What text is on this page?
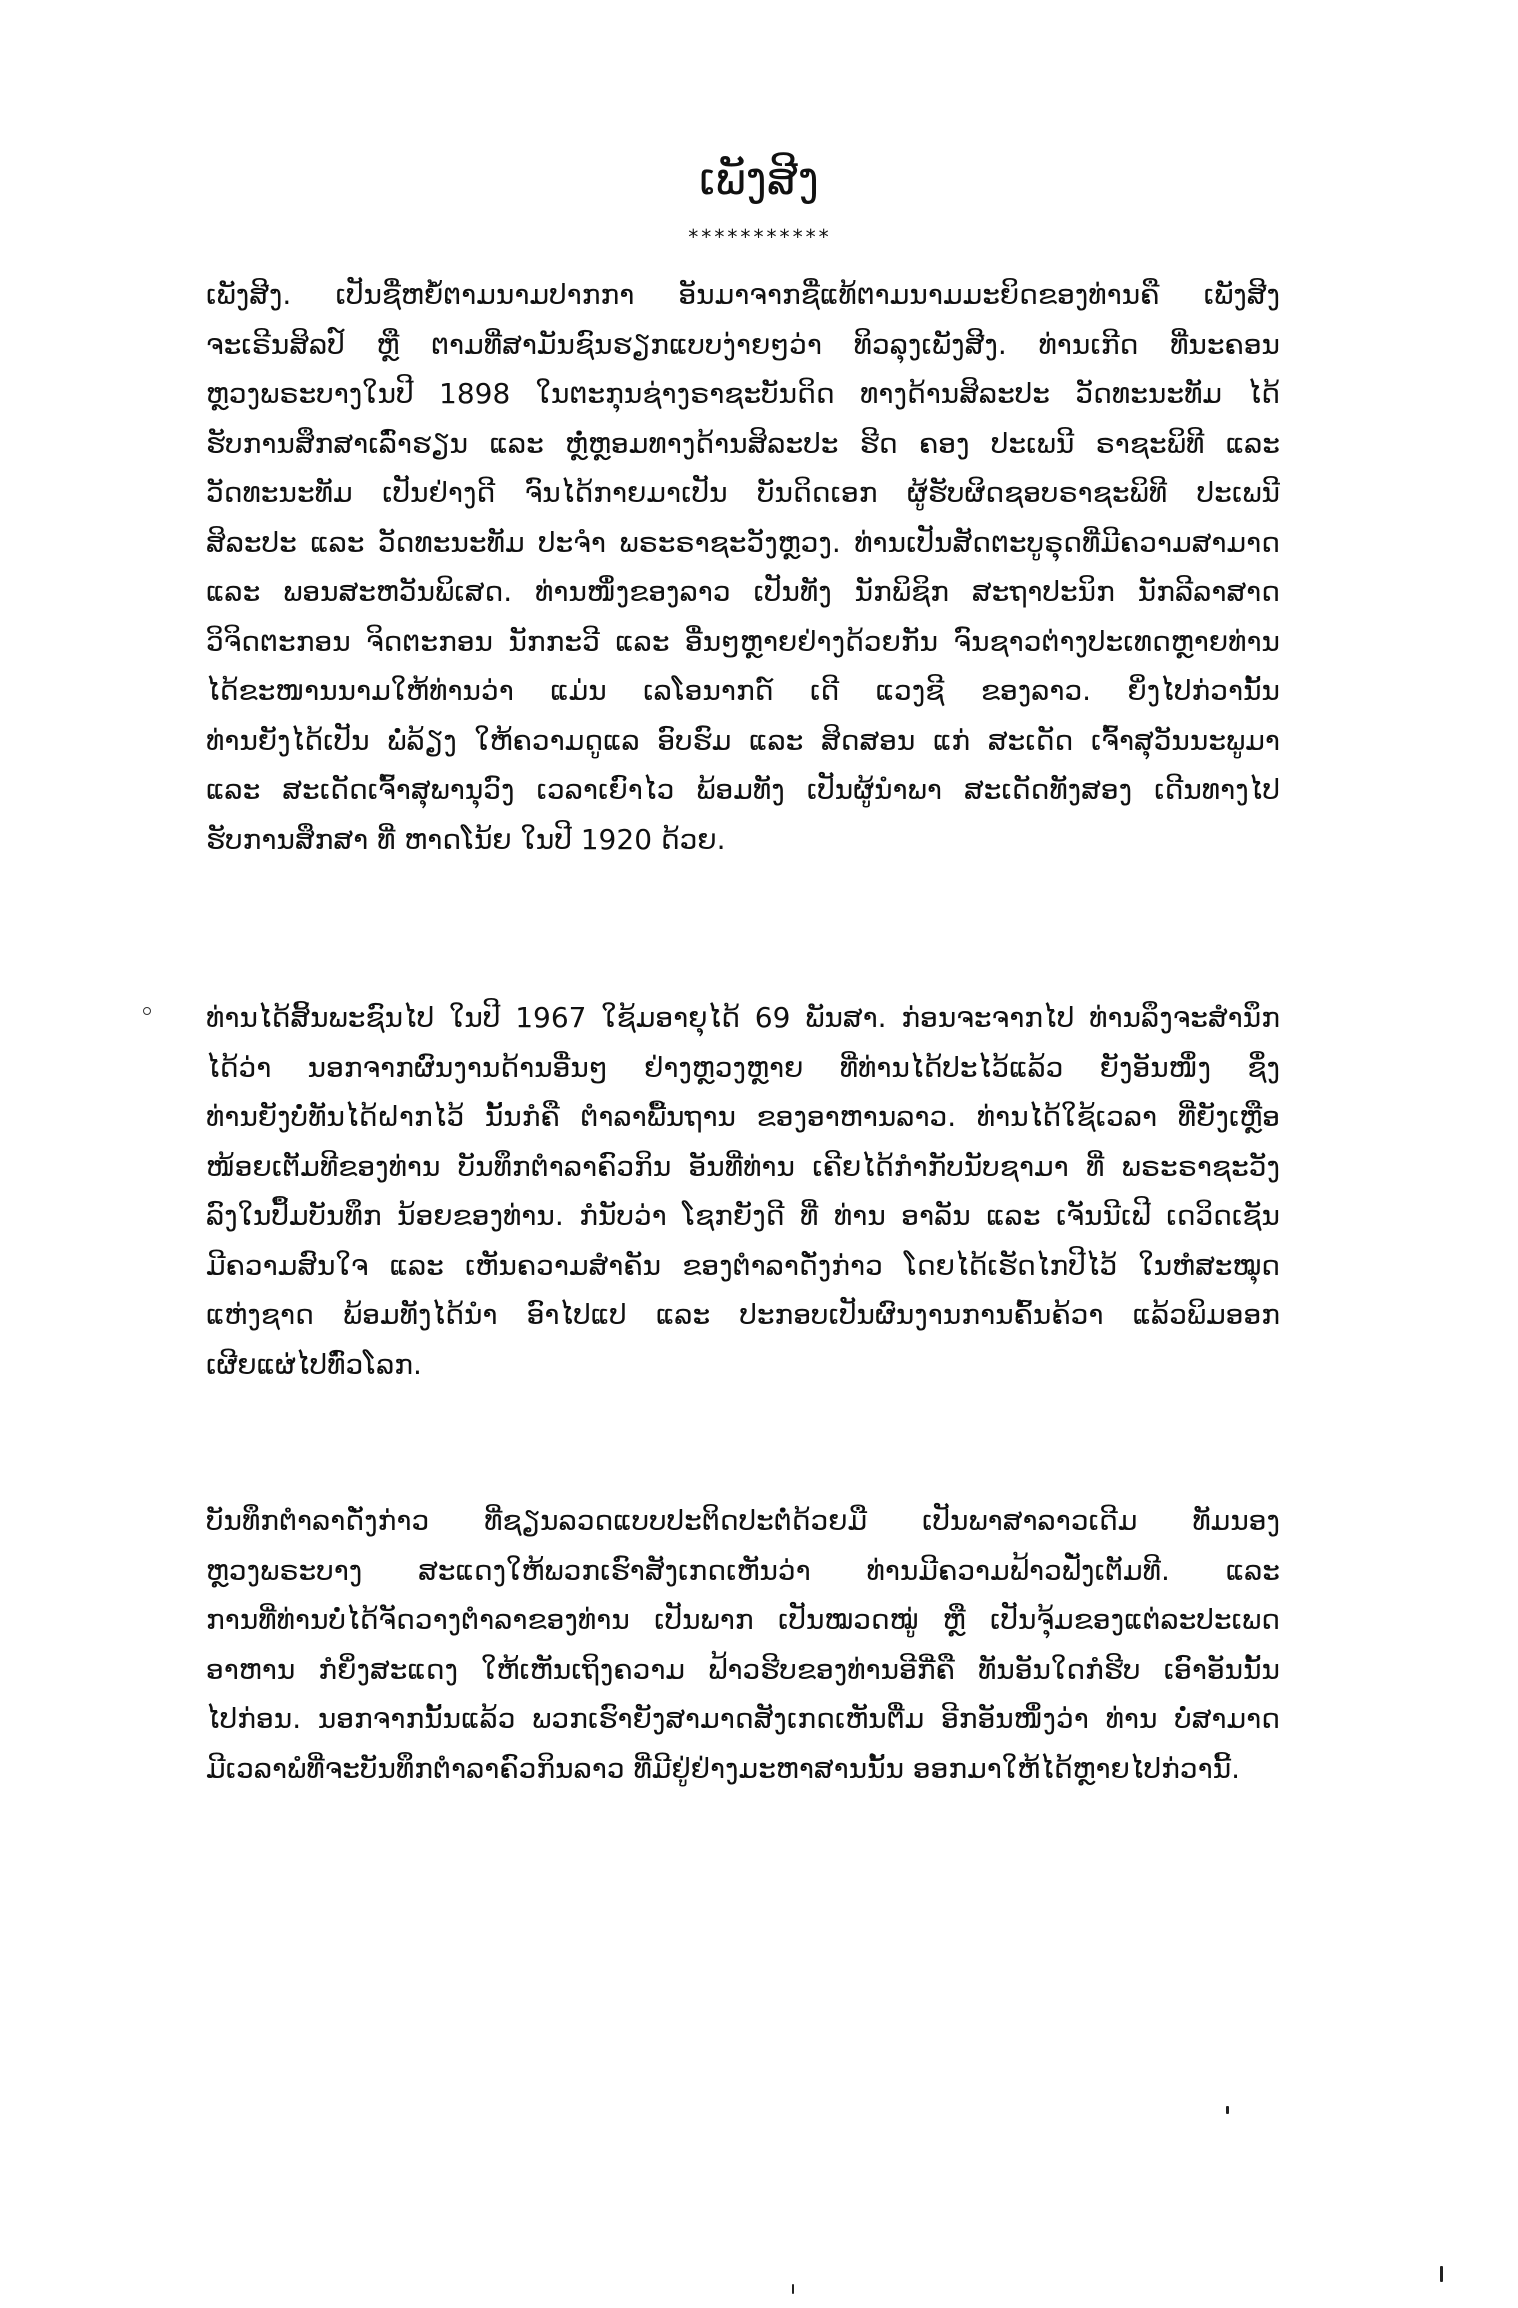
ເພັງສີງ
***********
ເພັງສີງ. ເປັນຊື່ຫຍໍ້ຕາມນາມປາກກາ ອັນມາຈາກຊື່ແທ້ຕາມນາມມະຍິດຂອງທ່ານຄື ເພັງສີງ
ຈະເຣີນສິລປ໌ ຫຼື ຕາມທີ່ສາມັນຊົນຮຽກແບບງ່າຍໆວ່າ ທິວລຸງເພັງສີງ. ທ່ານເກີດ ທີ່ນະຄອນ
ຫຼວງພຣະບາງໃນປີ 1898 ໃນຕະກຸນຊ່າງຣາຊະບັນດິດ ທາງດ້ານສິລະປະ ວັດທະນະທັມ ໄດ້
ຮັບການສຶກສາເລົ່າຮຽນ ແລະ ຫຼໍ່ຫຼອມທາງດ້ານສິລະປະ ຮີດ ຄອງ ປະເພນີ ຣາຊະພິທີ ແລະ
ວັດທະນະທັມ ເປັນຢ່າງດີ ຈົນໄດ້ກາຍມາເປັນ ບັນດິດເອກ ຜູ້ຮັບຜິດຊອບຣາຊະພິທີ ປະເພນີ
ສິລະປະ ແລະ ວັດທະນະທັມ ປະຈໍາ ພຣະຣາຊະວັງຫຼວງ. ທ່ານເປັນສັດຕະບູຣຸດທີ່ມີຄວາມສາມາດ
ແລະ ພອນສະຫວັນພິເສດ. ທ່ານໜຶ່ງຂອງລາວ ເປັນທັງ ນັກພິຊິກ ສະຖາປະນິກ ນັກລີລາສາດ
ວິຈິດຕະກອນ ຈິດຕະກອນ ນັກກະວີ ແລະ ອື່ນໆຫຼາຍຢ່າງດ້ວຍກັນ ຈົນຊາວຕ່າງປະເທດຫຼາຍທ່ານ
ໄດ້ຂະໜານນາມໃຫ້ທ່ານວ່າ ແມ່ນ ເລໂອນາກດ໌ ເດີ ແວງຊີ ຂອງລາວ. ຍິ່ງໄປກ່ວານັ້ນ
ທ່ານຍັງໄດ້ເປັນ ພໍ່ລ້ຽງ ໃຫ້ຄວາມດູແລ ອົບຮົມ ແລະ ສິດສອນ ແກ່ ສະເດັດ ເຈົ້າສຸວັນນະພູມາ
ແລະ ສະເດັດເຈົ້າສຸພານຸວົງ ເວລາເຍົາໄວ ພ້ອມທັງ ເປັນຜູ້ນໍາພາ ສະເດັດທັງສອງ ເດີນທາງໄປ
ຮັບການສຶກສາ ທີ່ ຫາດໂນ້ຍ ໃນປີ 1920 ດ້ວຍ.
ທ່ານໄດ້ສິ້ນພະຊົນໄປ ໃນປີ 1967 ໃຊ້ມອາຍຸໄດ້ 69 ພັນສາ. ກ່ອນຈະຈາກໄປ ທ່ານລຶງຈະສໍານຶກ
ໄດ້ວ່າ ນອກຈາກຜົນງານດ້ານອື່ນໆ ຢ່າງຫຼວງຫຼາຍ ທີ່ທ່ານໄດ້ປະໄວ້ແລ້ວ ຍັງອັນໜຶ່ງ ຊຶ່ງ
ທ່ານຍັງບໍ່ທັນໄດ້ຝາກໄວ້ ນັ້ນກໍຄື ຕໍາລາພື້ນຖານ ຂອງອາຫານລາວ. ທ່ານໄດ້ໃຊ້ເວລາ ທີ່ຍັງເຫຼືອ
ໜ້ອຍເຕັມທີຂອງທ່ານ ບັນທຶກຕໍາລາຄົວກິນ ອັນທີ່ທ່ານ ເຄີຍໄດ້ກໍາກັບນັບຊາມາ ທີ່ ພຣະຣາຊະວັງ
ລົງໃນປຶ້ມບັນທຶກ ນ້ອຍຂອງທ່ານ. ກໍນັບວ່າ ໂຊກຍັງດີ ທີ່ ທ່ານ ອາລັນ ແລະ ເຈັນນີເຟີ ເດວິດເຊັນ
ມີຄວາມສົນໃຈ ແລະ ເຫັນຄວາມສໍາຄັນ ຂອງຕໍາລາດັ່ງກ່າວ ໂດຍໄດ້ເຮັດໄກປີໄວ້ ໃນຫໍສະໝຸດ
ແຫ່ງຊາດ ພ້ອມທັງໄດ້ນໍາ ອົາໄປແປ ແລະ ປະກອບເປັນຜົນງານການຄົ້ນຄ້ວາ ແລ້ວພິມອອກ
ເຜີຍແຜ່ໄປທົ່ວໂລກ.
ບັນທຶກຕໍາລາດັ່ງກ່າວ ທີ່ຊຽນລວດແບບປະຕິດປະຕໍ່ດ້ວຍມື ເປັນພາສາລາວເດີມ ທັມນອງ
ຫຼວງພຣະບາງ ສະແດງໃຫ້ພວກເຮົາສັງເກດເຫັນວ່າ ທ່ານມີຄວາມຟ້າວຟັ່ງເຕັມທີ. ແລະ
ການທີ່ທ່ານບໍ່ໄດ້ຈັດວາງຕໍາລາຂອງທ່ານ ເປັນພາກ ເປັນໝວດໝູ່ ຫຼື ເປັນຈຸ້ມຂອງແຕ່ລະປະເພດ
ອາຫານ ກໍຍິ່ງສະແດງ ໃຫ້ເຫັນເຖິງຄວາມ ຟ້າວຮີບຂອງທ່ານອີກີ່ຄື ທັນອັນໃດກໍຮີບ ເອົາອັນນັ້ນ
ໄປກ່ອນ. ນອກຈາກນັ້ນແລ້ວ ພວກເຮົາຍັງສາມາດສັງເກດເຫັນຕື່ມ ອີກອັນໜຶ່ງວ່າ ທ່ານ ບໍ່ສາມາດ
ມີເວລາພໍທີ່ຈະບັນທຶກຕໍາລາຄົວກິນລາວ ທີ່ມີຢູ່ຢ່າງມະຫາສານນັ້ນ ອອກມາໃຫ້ໄດ້ຫຼາຍໄປກ່ວານີ້.
